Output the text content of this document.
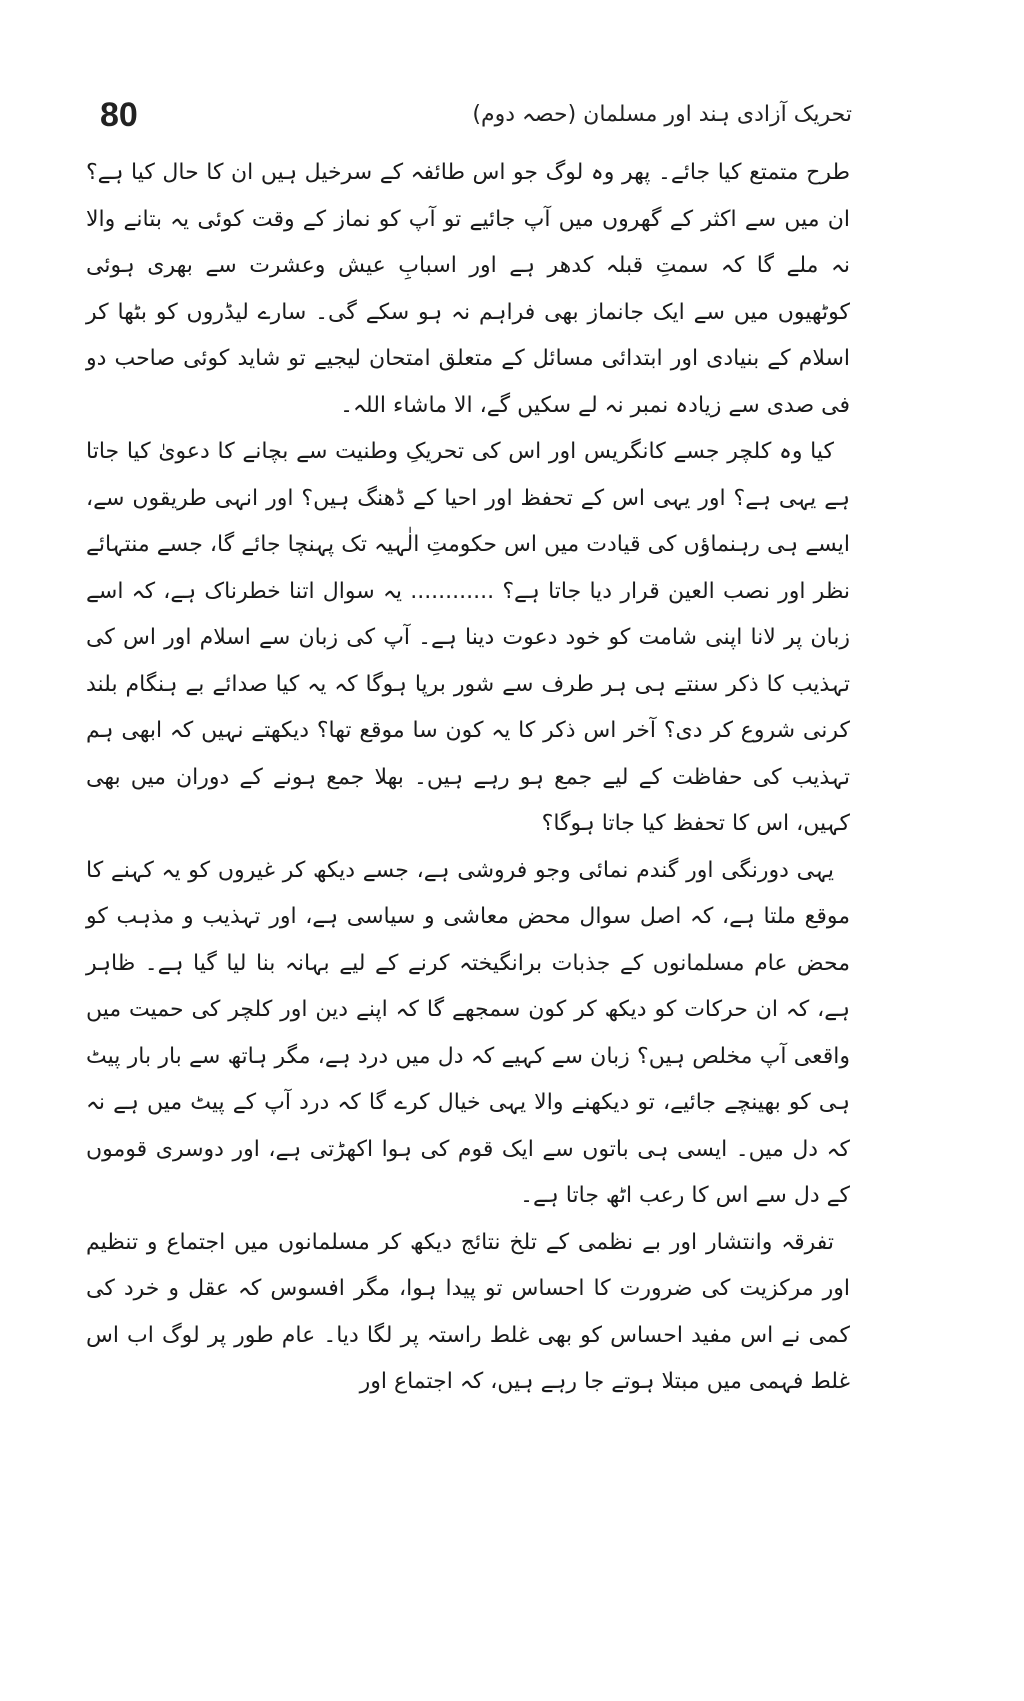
80	تحریک آزادی ہند اور مسلمان (حصہ دوم)

طرح متمتع کیا جائے۔ پھر وہ لوگ جو اس طائفہ کے سرخیل ہیں ان کا حال کیا ہے؟ ان میں سے اکثر کے گھروں میں آپ جائیے تو آپ کو نماز کے وقت کوئی یہ بتانے والا نہ ملے گا کہ سمتِ قبلہ کدھر ہے اور اسبابِ عیش وعشرت سے بھری ہوئی کوٹھیوں میں سے ایک جانماز بھی فراہم نہ ہو سکے گی۔ سارے لیڈروں کو بٹھا کر اسلام کے بنیادی اور ابتدائی مسائل کے متعلق امتحان لیجیے تو شاید کوئی صاحب دو فی صدی سے زیادہ نمبر نہ لے سکیں گے، الا ماشاء اللہ۔

کیا وہ کلچر جسے کانگریس اور اس کی تحریکِ وطنیت سے بچانے کا دعویٰ کیا جاتا ہے یہی ہے؟ اور یہی اس کے تحفظ اور احیا کے ڈھنگ ہیں؟ اور انہی طریقوں سے، ایسے ہی رہنماؤں کی قیادت میں اس حکومتِ الٰہیہ تک پہنچا جائے گا، جسے منتہائے نظر اور نصب العین قرار دیا جاتا ہے؟ ............ یہ سوال اتنا خطرناک ہے، کہ اسے زبان پر لانا اپنی شامت کو خود دعوت دینا ہے۔ آپ کی زبان سے اسلام اور اس کی تہذیب کا ذکر سنتے ہی ہر طرف سے شور برپا ہوگا کہ یہ کیا صدائے بے ہنگام بلند کرنی شروع کر دی؟ آخر اس ذکر کا یہ کون سا موقع تھا؟ دیکھتے نہیں کہ ابھی ہم تہذیب کی حفاظت کے لیے جمع ہو رہے ہیں۔ بھلا جمع ہونے کے دوران میں بھی کہیں، اس کا تحفظ کیا جاتا ہوگا؟

یہی دورنگی اور گندم نمائی وجو فروشی ہے، جسے دیکھ کر غیروں کو یہ کہنے کا موقع ملتا ہے، کہ اصل سوال محض معاشی و سیاسی ہے، اور تہذیب و مذہب کو محض عام مسلمانوں کے جذبات برانگیختہ کرنے کے لیے بہانہ بنا لیا گیا ہے۔ ظاہر ہے، کہ ان حرکات کو دیکھ کر کون سمجھے گا کہ اپنے دین اور کلچر کی حمیت میں واقعی آپ مخلص ہیں؟ زبان سے کہیے کہ دل میں درد ہے، مگر ہاتھ سے بار بار پیٹ ہی کو بھینچے جائیے، تو دیکھنے والا یہی خیال کرے گا کہ درد آپ کے پیٹ میں ہے نہ کہ دل میں۔ ایسی ہی باتوں سے ایک قوم کی ہوا اکھڑتی ہے، اور دوسری قوموں کے دل سے اس کا رعب اٹھ جاتا ہے۔

تفرقہ وانتشار اور بے نظمی کے تلخ نتائج دیکھ کر مسلمانوں میں اجتماع و تنظیم اور مرکزیت کی ضرورت کا احساس تو پیدا ہوا، مگر افسوس کہ عقل و خرد کی کمی نے اس مفید احساس کو بھی غلط راستہ پر لگا دیا۔ عام طور پر لوگ اب اس غلط فہمی میں مبتلا ہوتے جا رہے ہیں، کہ اجتماع اور
